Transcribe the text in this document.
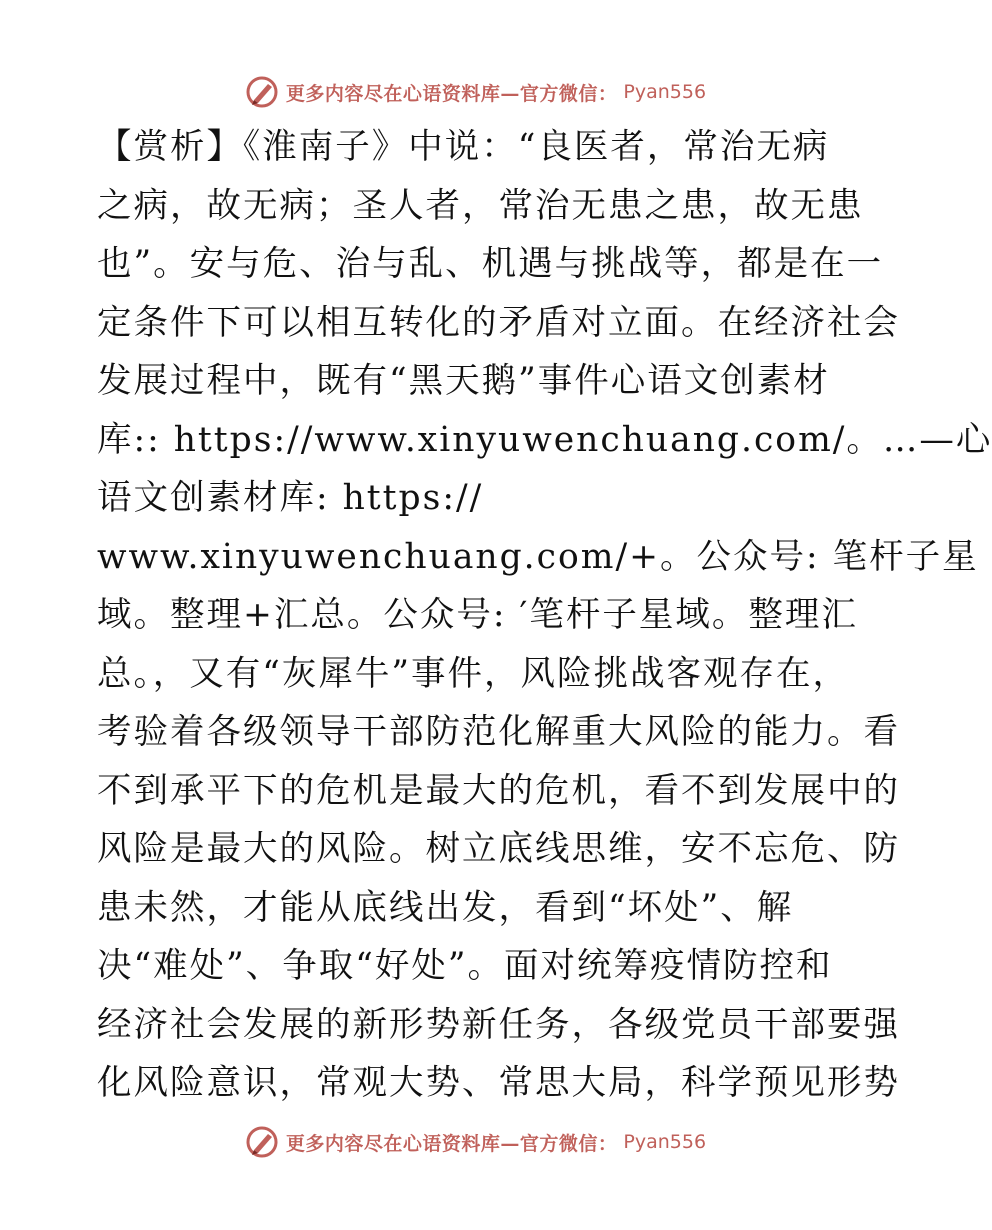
更多内容尽在心语资料库—官方微信： Pyan556
【赏析】《淮南子》中说：“良医者，常治无病
之病，故无病；圣人者，常治无患之患，故无患
也”。安与危、治与乱、机遇与挑战等，都是在一
定条件下可以相互转化的矛盾对立面。在经济社会
发展过程中，既有“黑天鹅”事件心语文创素材
库:: https://www.xinyuwenchuang.com/。…—心
语文创素材库: https://
www.xinyuwenchuang.com/+。公众号: 笔杆子星
域。整理+汇总。公众号: ′笔杆子星域。整理汇
总。，又有“灰犀牛”事件，风险挑战客观存在，
考验着各级领导干部防范化解重大风险的能力。看
不到承平下的危机是最大的危机，看不到发展中的
风险是最大的风险。树立底线思维，安不忘危、防
患未然，才能从底线出发，看到“坏处”、解
决“难处”、争取“好处”。面对统筹疫情防控和
经济社会发展的新形势新任务，各级党员干部要强
化风险意识，常观大势、常思大局，科学预见形势
更多内容尽在心语资料库—官方微信： Pyan556
